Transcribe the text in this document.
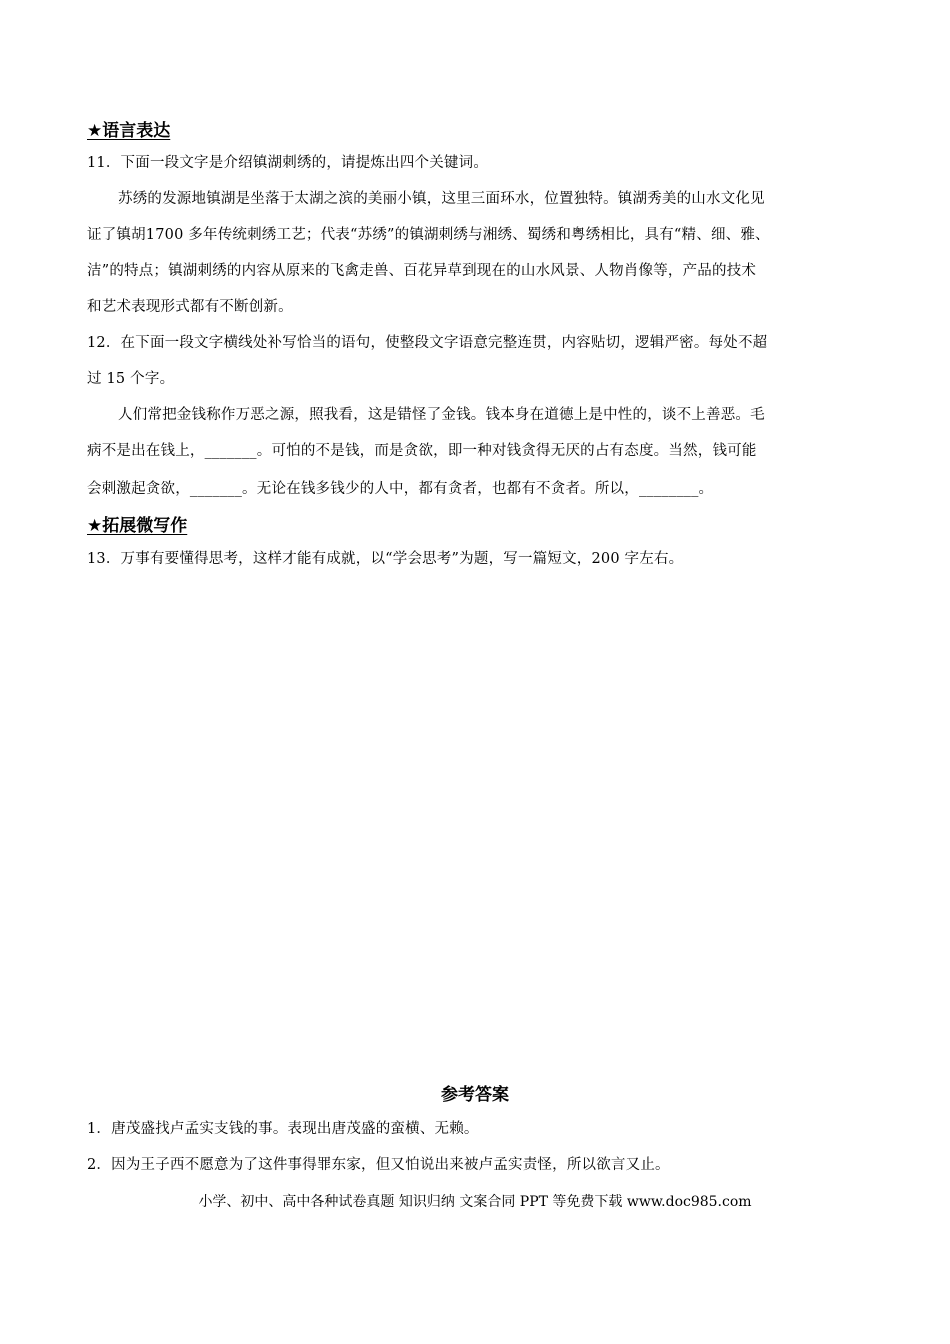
★语言表达
11．下面一段文字是介绍镇湖刺绣的，请提炼出四个关键词。
苏绣的发源地镇湖是坐落于太湖之滨的美丽小镇，这里三面环水，位置独特。镇湖秀美的山水文化见
证了镇胡1700 多年传统刺绣工艺；代表“苏绣”的镇湖刺绣与湘绣、蜀绣和粤绣相比，具有“精、细、雅、
洁”的特点；镇湖刺绣的内容从原来的飞禽走兽、百花异草到现在的山水风景、人物肖像等，产品的技术
和艺术表现形式都有不断创新。
12．在下面一段文字横线处补写恰当的语句，使整段文字语意完整连贯，内容贴切，逻辑严密。每处不超
过 15 个字。
人们常把金钱称作万恶之源，照我看，这是错怪了金钱。钱本身在道德上是中性的，谈不上善恶。毛
病不是出在钱上，_______。可怕的不是钱，而是贪欲，即一种对钱贪得无厌的占有态度。当然，钱可能
会刺激起贪欲，_______。无论在钱多钱少的人中，都有贪者，也都有不贪者。所以，________。
★拓展微写作
13．万事有要懂得思考，这样才能有成就，以“学会思考”为题，写一篇短文，200 字左右。
参考答案
1．唐茂盛找卢孟实支钱的事。表现出唐茂盛的蛮横、无赖。
2．因为王子西不愿意为了这件事得罪东家，但又怕说出来被卢孟实责怪，所以欲言又止。
小学、初中、高中各种试卷真题 知识归纳 文案合同 PPT 等免费下载 www.doc985.com
